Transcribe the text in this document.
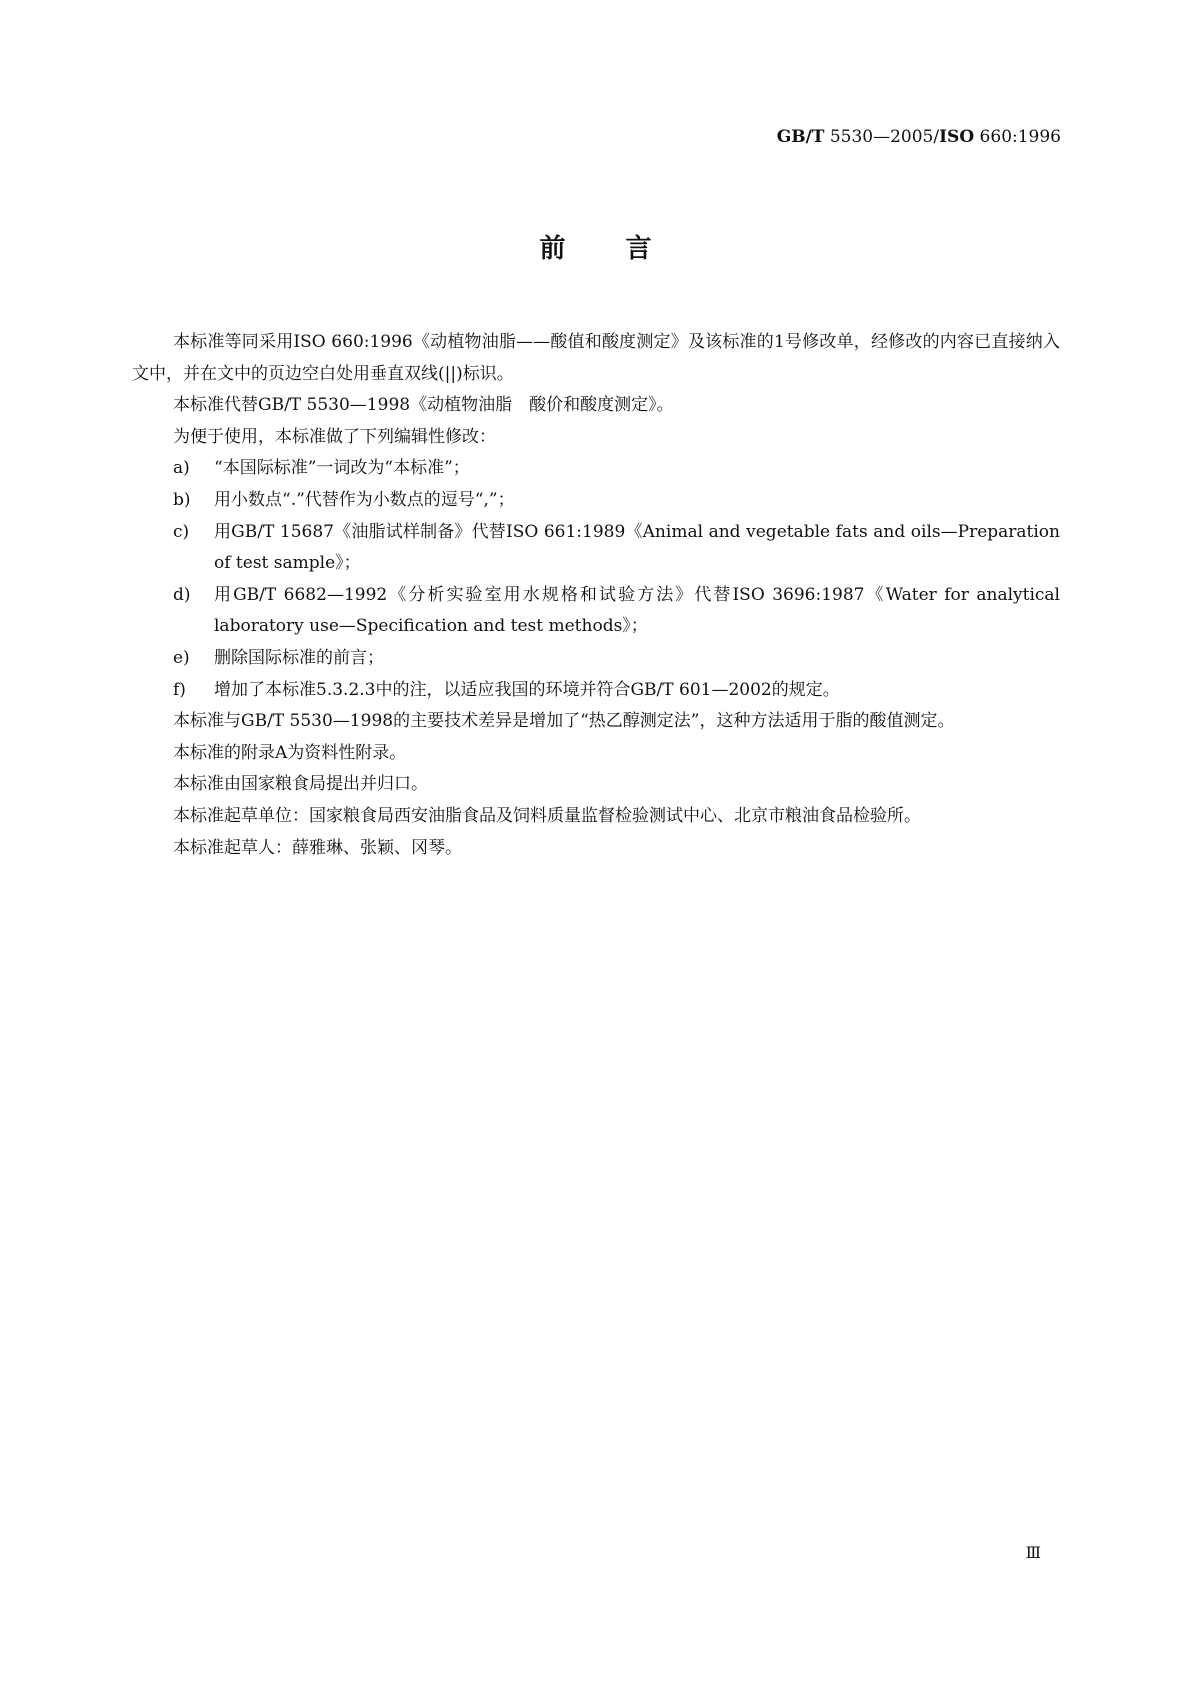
GB/T 5530—2005/ISO 660:1996
前言

本标准等同采用ISO 660:1996《动植物油脂——酸值和酸度测定》及该标准的1号修改单，经修改的内容已直接纳入文中，并在文中的页边空白处用垂直双线(||)标识。

本标准代替GB/T 5530—1998《动植物油脂　酸价和酸度测定》。

为便于使用，本标准做了下列编辑性修改：

a)	“本国际标准”一词改为“本标准”；
b)	用小数点“.”代替作为小数点的逗号“,”；
c)	用GB/T 15687《油脂试样制备》代替ISO 661:1989《Animal and vegetable fats and oils—Preparation of test sample》；
d)	用GB/T 6682—1992《分析实验室用水规格和试验方法》代替ISO 3696:1987《Water for analytical laboratory use—Specification and test methods》；
e)	删除国际标准的前言；
f)	增加了本标准5.3.2.3中的注，以适应我国的环境并符合GB/T 601—2002的规定。

本标准与GB/T 5530—1998的主要技术差异是增加了“热乙醇测定法”，这种方法适用于脂的酸值测定。

本标准的附录A为资料性附录。

本标准由国家粮食局提出并归口。

本标准起草单位：国家粮食局西安油脂食品及饲料质量监督检验测试中心、北京市粮油食品检验所。

本标准起草人：薛雅琳、张颖、冈琴。

Ⅲ
